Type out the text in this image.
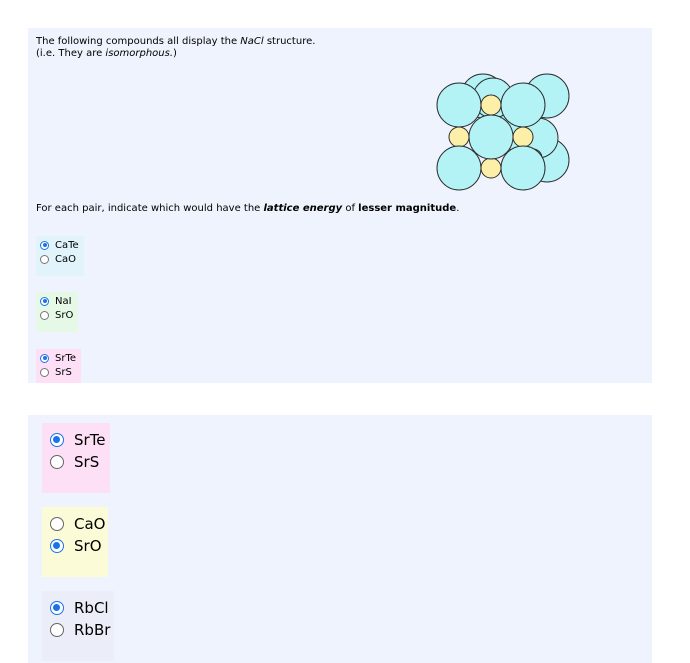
The following compounds all display the NaCl structure.
(i.e. They are isomorphous.)
For each pair, indicate which would have the lattice energy of lesser magnitude.
CaTe
CaO
NaI
SrO
SrTe
SrS
SrTe
SrS
CaO
SrO
RbCl
RbBr
